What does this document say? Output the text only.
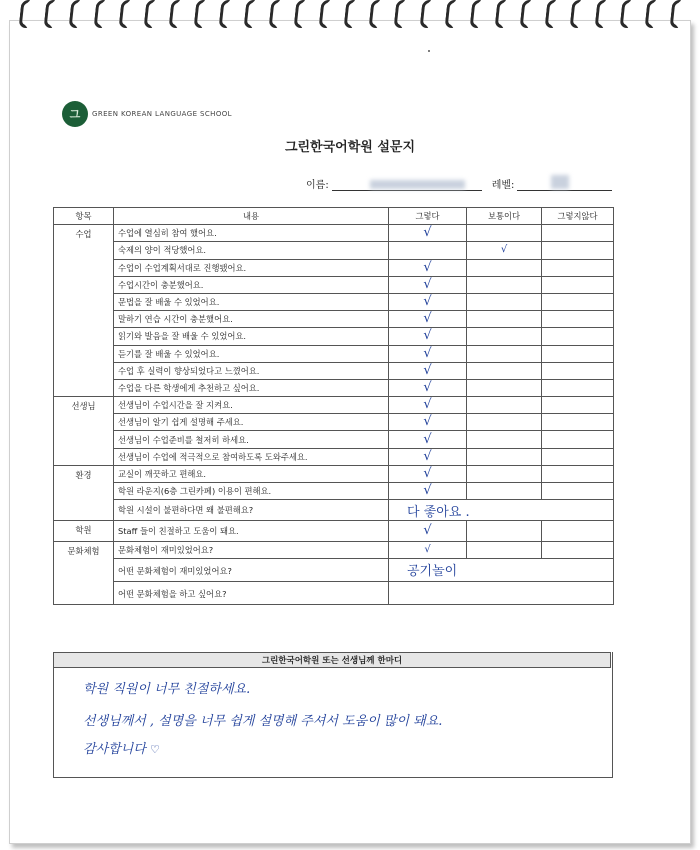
그	GREEN KOREAN LANGUAGE SCHOOL
그린한국어학원 설문지
이름:	레벨:
항목	내용	그렇다	보통이다	그렇지않다
수업	수업에 열심히 참여 했어요.	√		
	숙제의 양이 적당했어요.		√	
	수업이 수업계획서대로 진행됐어요.	√		
	수업시간이 충분했어요.	√		
	문법을 잘 배울 수 있었어요.	√		
	말하기 연습 시간이 충분했어요.	√		
	읽기와 발음을 잘 배울 수 있었어요.	√		
	듣기를 잘 배울 수 있었어요.	√		
	수업 후 실력이 향상되었다고 느꼈어요.	√		
	수업을 다른 학생에게 추천하고 싶어요.	√		
선생님	선생님이 수업시간을 잘 지켜요.	√		
	선생님이 알기 쉽게 설명해 주세요.	√		
	선생님이 수업준비를 철저히 하세요.	√		
	선생님이 수업에 적극적으로 참여하도록 도와주세요.	√		
환경	교실이 깨끗하고 편해요.	√		
	학원 라운지(6층 그린카페) 이용이 편해요.	√		
	학원 시설이 불편하다면 왜 불편해요?	다 좋아요 .		
학원	Staff 들이 친절하고 도움이 돼요.	√		
문화체험	문화체험이 재미있었어요?	√		
	어떤 문화체험이 재미있었어요?	공기놀이		
	어떤 문화체험을 하고 싶어요?			
그린한국어학원 또는 선생님께 한마디
학원 직원이 너무 친절하세요.
선생님께서 , 설명을 너무 쉽게 설명해 주셔서 도움이 많이 돼요.
감사합니다 ♡
